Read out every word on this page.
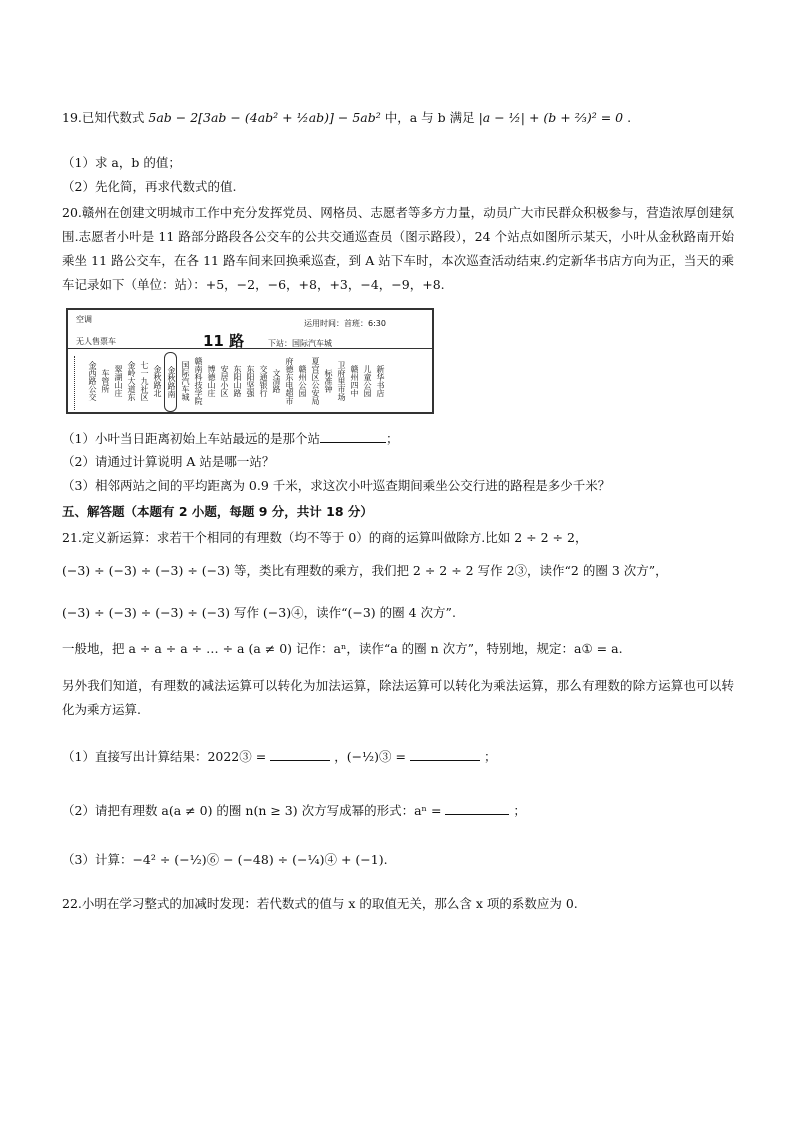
19.已知代数式 5ab − 2[3ab − (4ab² + ½ab)] − 5ab² 中，a 与 b 满足 |a − ½| + (b + ⅔)² = 0 .
（1）求 a，b 的值；
（2）先化简，再求代数式的值.
20.赣州在创建文明城市工作中充分发挥党员、网格员、志愿者等多方力量，动员广大市民群众积极参与，营造浓厚创建氛围.志愿者小叶是 11 路部分路段各公交车的公共交通巡查员（图示路段），24 个站点如图所示某天，小叶从金秋路南开始乘坐 11 路公交车，在各 11 路车间来回换乘巡查，到 A 站下车时，本次巡查活动结束.约定新华书店方向为正，当天的乘车记录如下（单位：站）：+5，−2，−6，+8，+3，−4，−9，+8.
空调	运用时间：首班：6:30
无人售票车	11 路	下站：国际汽车城
金西路公交 车管所 翠湖山庄 金岭大道东 七一九社区 金秋路北 金秋路南 国际汽车城 赣南科技学院 博德山庄 安居小区 东阳山路 东阳坚强 交通银行 文清路 府德东电超市 赣州公园 夏宫区公安局 标准钟 卫府里市场 赣州四中 儿童公园 新华书店
（1）小叶当日距离初始上车站最远的是那个站	；
（2）请通过计算说明 A 站是哪一站？
（3）相邻两站之间的平均距离为 0.9 千米，求这次小叶巡查期间乘坐公交行进的路程是多少千米？
五、解答题（本题有 2 小题，每题 9 分，共计 18 分）
21.定义新运算：求若干个相同的有理数（均不等于 0）的商的运算叫做除方.比如 2 ÷ 2 ÷ 2，
(−3) ÷ (−3) ÷ (−3) ÷ (−3) 等，类比有理数的乘方，我们把 2 ÷ 2 ÷ 2 写作 2③，读作“2 的圈 3 次方”，
(−3) ÷ (−3) ÷ (−3) ÷ (−3) 写作 (−3)④，读作“(−3) 的圈 4 次方”.
一般地，把 a ÷ a ÷ a ÷ … ÷ a (a ≠ 0) 记作：aⁿ，读作“a 的圈 n 次方”，特别地，规定：a① = a.
另外我们知道，有理数的减法运算可以转化为加法运算，除法运算可以转化为乘法运算，那么有理数的除方运算也可以转化为乘方运算.
（1）直接写出计算结果：2022③ =	，(−½)③ =	；
（2）请把有理数 a(a ≠ 0) 的圈 n(n ≥ 3) 次方写成幂的形式：aⁿ =	；
（3）计算：−4² ÷ (−½)⑥ − (−48) ÷ (−¼)④ + (−1).
22.小明在学习整式的加减时发现：若代数式的值与 x 的取值无关，那么含 x 项的系数应为 0.
